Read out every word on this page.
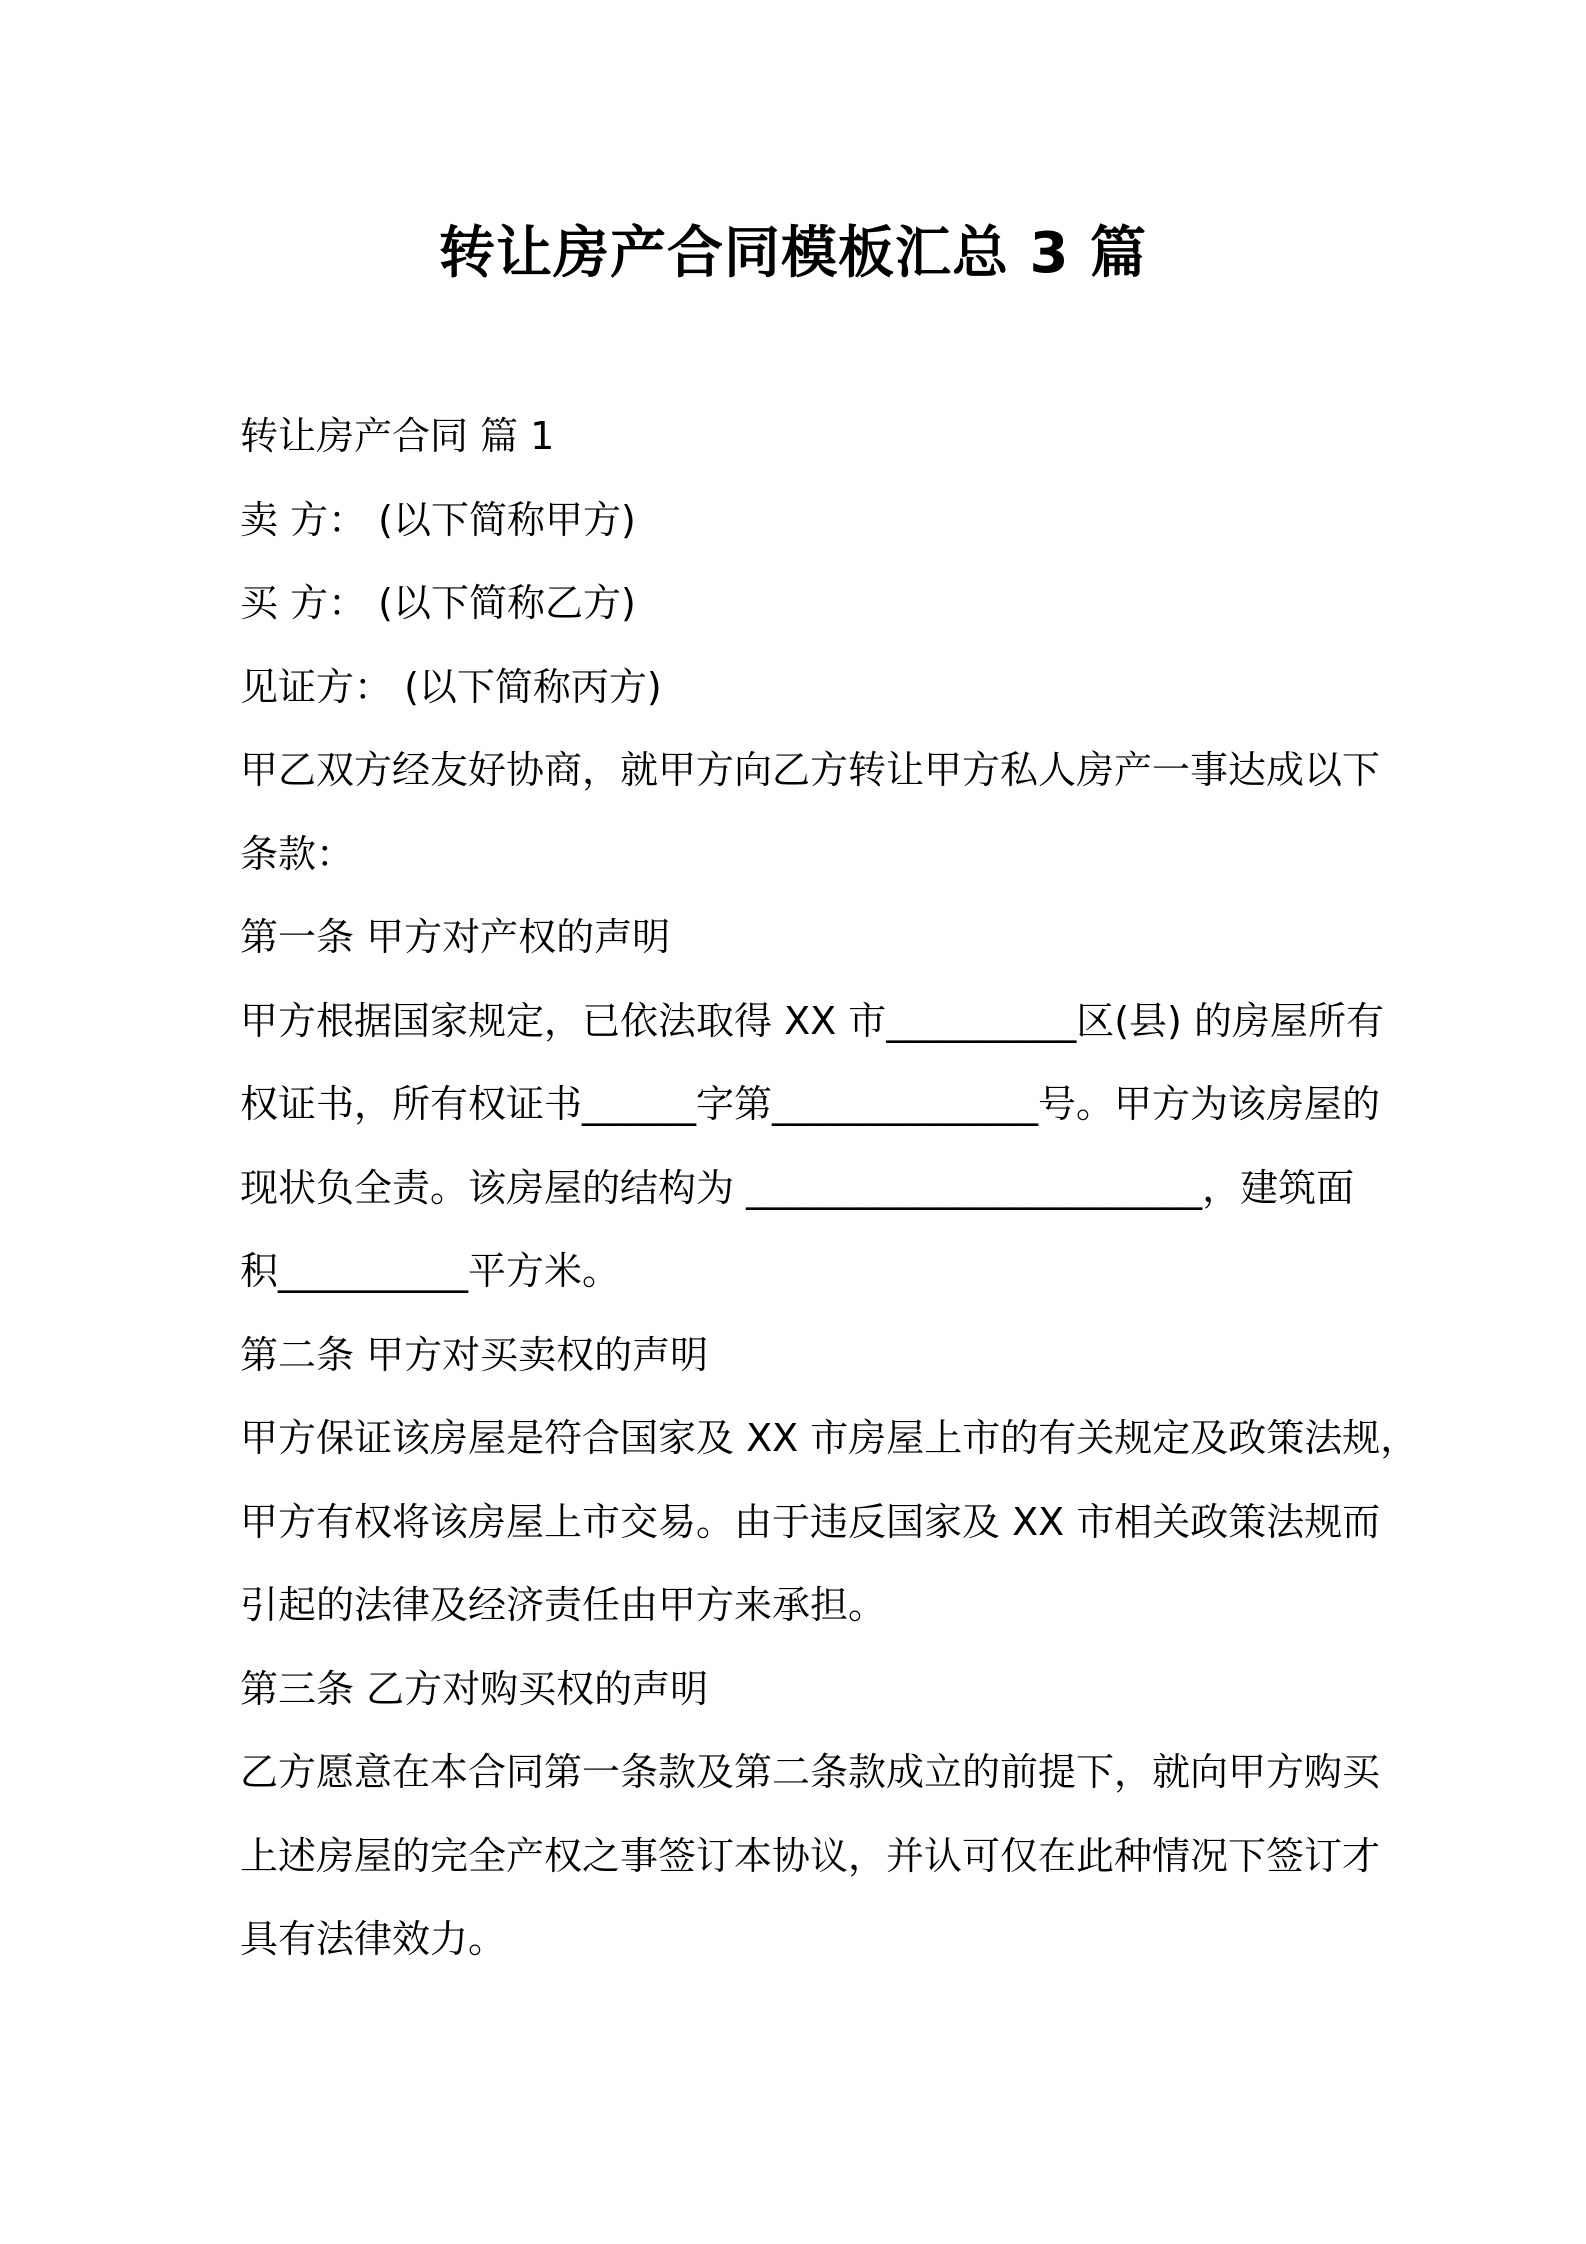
转让房产合同模板汇总 3 篇
转让房产合同 篇 1
卖 方： (以下简称甲方)
买 方： (以下简称乙方)
见证方： (以下简称丙方)
甲乙双方经友好协商，就甲方向乙方转让甲方私人房产一事达成以下
条款：
第一条 甲方对产权的声明
甲方根据国家规定，已依法取得 XX 市__________区(县) 的房屋所有
权证书，所有权证书______字第______________号。甲方为该房屋的
现状负全责。该房屋的结构为 ________________________，建筑面
积__________平方米。
第二条 甲方对买卖权的声明
甲方保证该房屋是符合国家及 XX 市房屋上市的有关规定及政策法规，
甲方有权将该房屋上市交易。由于违反国家及 XX 市相关政策法规而
引起的法律及经济责任由甲方来承担。
第三条 乙方对购买权的声明
乙方愿意在本合同第一条款及第二条款成立的前提下，就向甲方购买
上述房屋的完全产权之事签订本协议，并认可仅在此种情况下签订才
具有法律效力。
